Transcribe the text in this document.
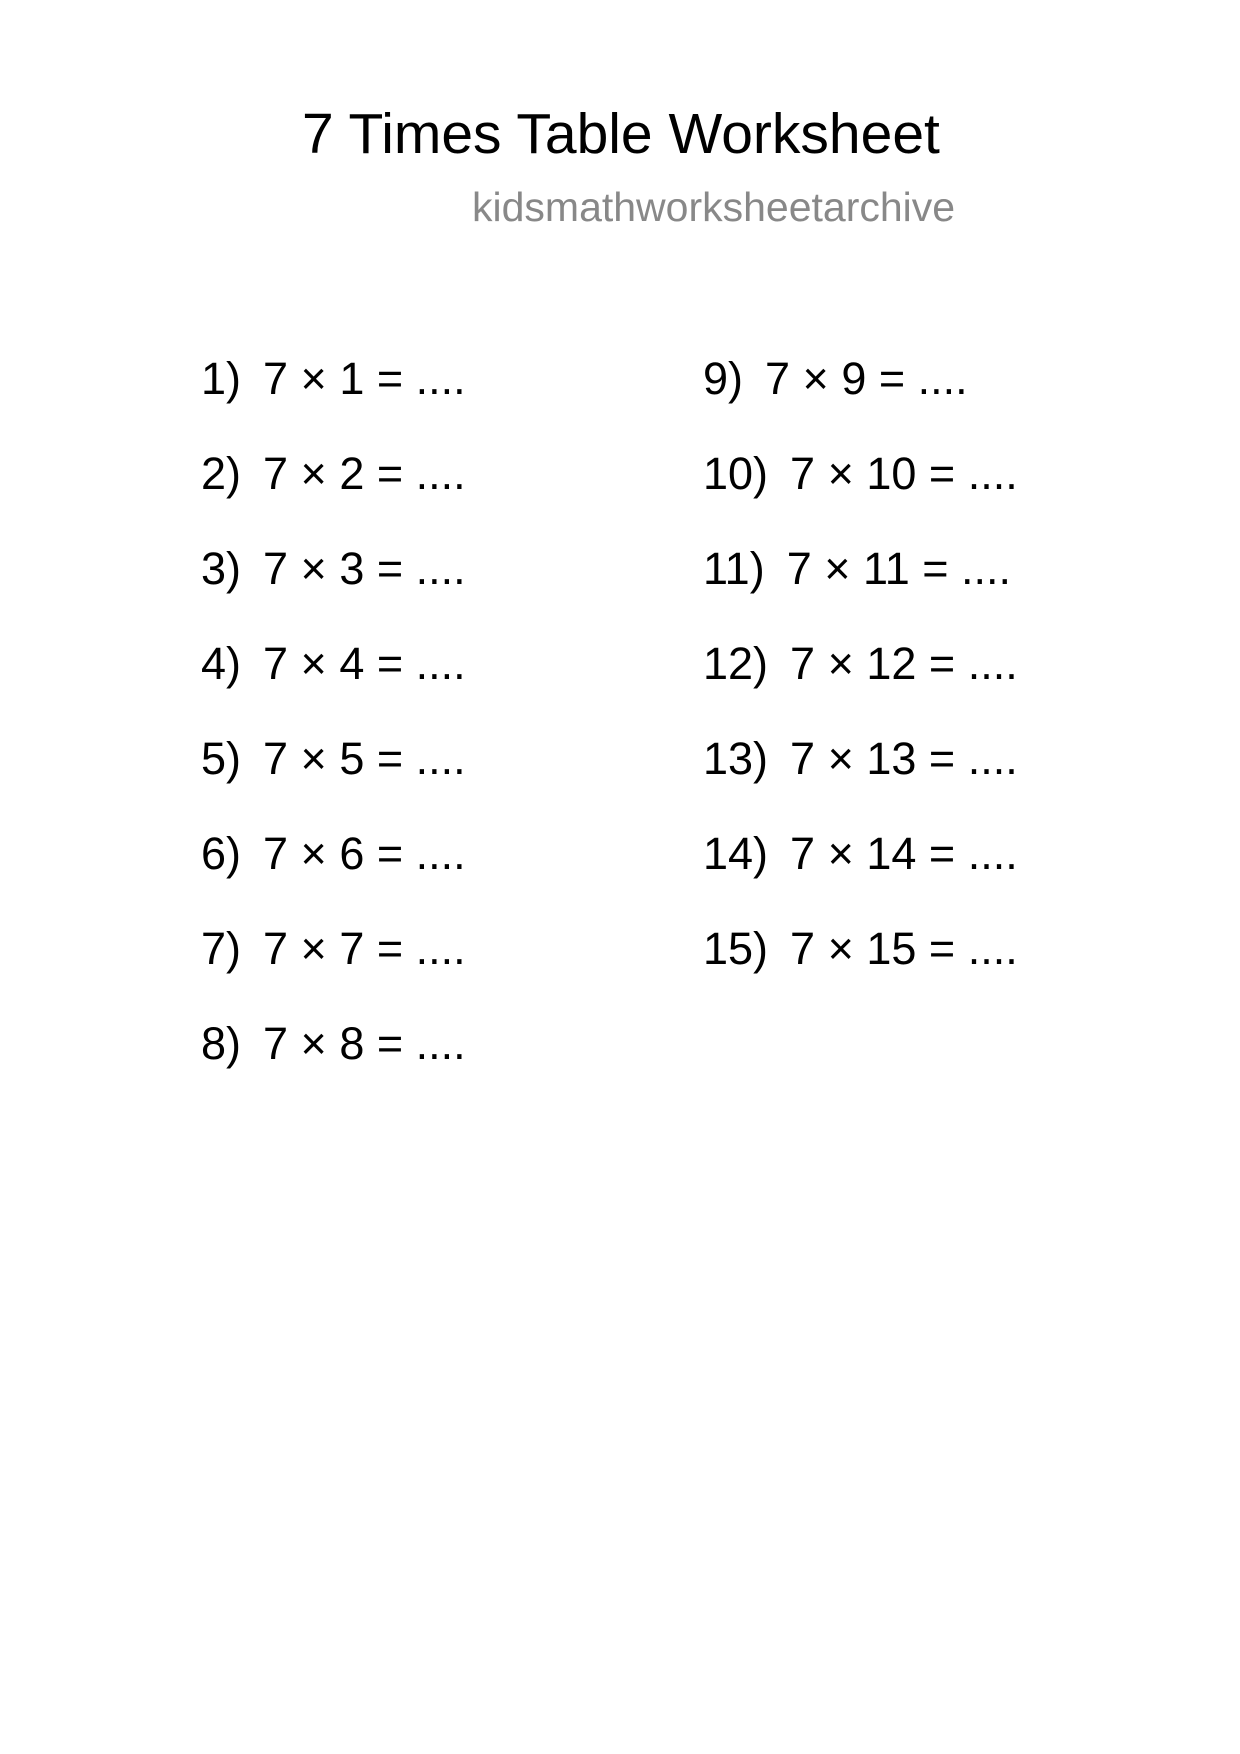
7 Times Table Worksheet
kidsmathworksheetarchive
1) 7 × 1 = ....
2) 7 × 2 = ....
3) 7 × 3 = ....
4) 7 × 4 = ....
5) 7 × 5 = ....
6) 7 × 6 = ....
7) 7 × 7 = ....
8) 7 × 8 = ....
9) 7 × 9 = ....
10) 7 × 10 = ....
11) 7 × 11 = ....
12) 7 × 12 = ....
13) 7 × 13 = ....
14) 7 × 14 = ....
15) 7 × 15 = ....
